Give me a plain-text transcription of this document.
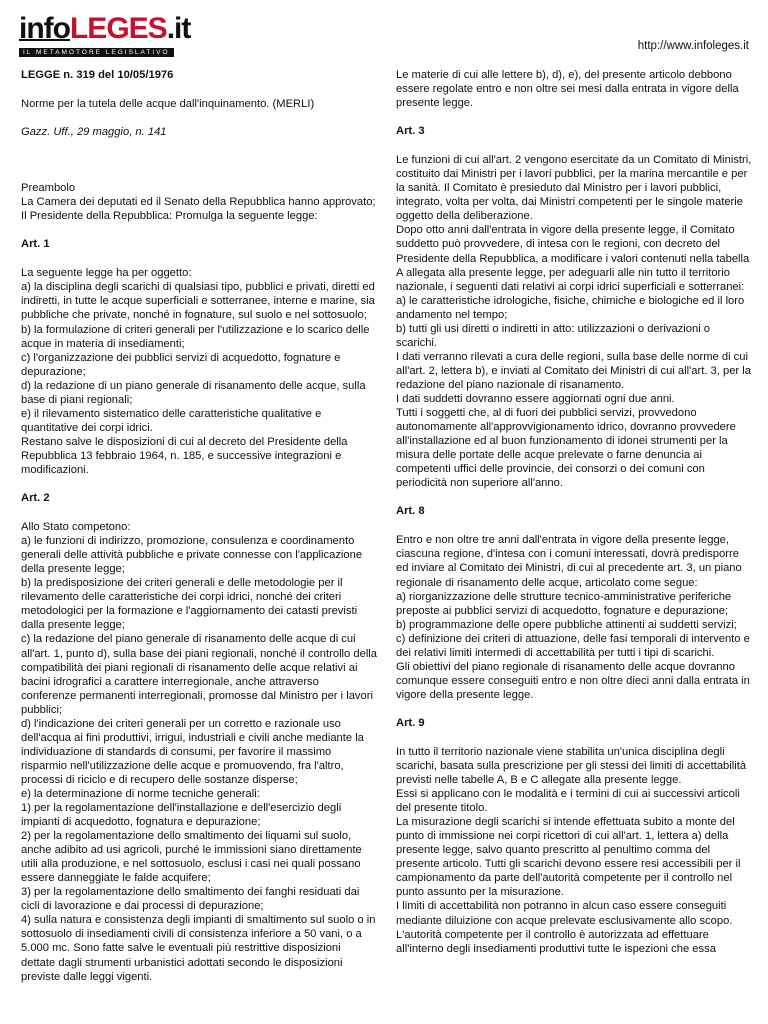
infoLEGES.it
IL METAMOTORE LEGISLATIVO
http://www.infoleges.it
LEGGE n. 319 del 10/05/1976
Norme per la tutela delle acque dall'inquinamento. (MERLI)
Gazz. Uff., 29 maggio, n. 141
Preambolo
La Camera dei deputati ed il Senato della Repubblica hanno approvato; Il Presidente della Repubblica: Promulga la seguente legge:
Art. 1
La seguente legge ha per oggetto:
a) la disciplina degli scarichi di qualsiasi tipo, pubblici e privati, diretti ed indiretti, in tutte le acque superficiali e sotterranee, interne e marine, sia pubbliche che private, nonché in fognature, sul suolo e nel sottosuolo;
b) la formulazione di criteri generali per l'utilizzazione e lo scarico delle acque in materia di insediamenti;
c) l'organizzazione dei pubblici servizi di acquedotto, fognature e depurazione;
d) la redazione di un piano generale di risanamento delle acque, sulla base di piani regionali;
e) il rilevamento sistematico delle caratteristiche qualitative e quantitative dei corpi idrici.
Restano salve le disposizioni di cui al decreto del Presidente della Repubblica 13 febbraio 1964, n. 185, e successive integrazioni e modificazioni.
Art. 2
Allo Stato competono:
a) le funzioni di indirizzo, promozione, consulenza e coordinamento generali delle attività pubbliche e private connesse con l'applicazione della presente legge;
b) la predisposizione dei criteri generali e delle metodologie per il rilevamento delle caratteristiche dei corpi idrici, nonché dei criteri metodologici per la formazione e l'aggiornamento dei catasti previsti dalla presente legge;
c) la redazione del piano generale di risanamento delle acque di cui all'art. 1, punto d), sulla base dei piani regionali, nonché il controllo della compatibilità dei piani regionali di risanamento delle acque relativi ai bacini idrografici a carattere interregionale, anche attraverso conferenze permanenti interregionali, promosse dal Ministro per i lavori pubblici;
d) l'indicazione dei criteri generali per un corretto e razionale uso dell'acqua ai fini produttivi, irrigui, industriali e civili anche mediante la individuazione di standards di consumi, per favorire il massimo risparmio nell'utilizzazione delle acque e promuovendo, fra l'altro, processi di riciclo e di recupero delle sostanze disperse;
e) la determinazione di norme tecniche generali:
1) per la regolamentazione dell'installazione e dell'esercizio degli impianti di acquedotto, fognatura e depurazione;
2) per la regolamentazione dello smaltimento dei liquami sul suolo, anche adibito ad usi agricoli, purché le immissioni siano direttamente utili alla produzione, e nel sottosuolo, esclusi i casi nei quali possano essere danneggiate le falde acquifere;
3) per la regolamentazione dello smaltimento dei fanghi residuati dai cicli di lavorazione e dai processi di depurazione;
4) sulla natura e consistenza degli impianti di smaltimento sul suolo o in sottosuolo di insediamenti civili di consistenza inferiore a 50 vani, o a 5.000 mc. Sono fatte salve le eventuali più restrittive disposizioni dettate dagli strumenti urbanistici adottati secondo le disposizioni previste dalle leggi vigenti.
Le materie di cui alle lettere b), d), e), del presente articolo debbono essere regolate entro e non oltre sei mesi dalla entrata in vigore della presente legge.
Art. 3
Le funzioni di cui all'art. 2 vengono esercitate da un Comitato di Ministri, costituito dai Ministri per i lavori pubblici, per la marina mercantile e per la sanità. Il Comitato è presieduto dal Ministro per i lavori pubblici, integrato, volta per volta, dai Ministri competenti per le singole materie oggetto della deliberazione.
Dopo otto anni dall'entrata in vigore della presente legge, il Comitato suddetto può provvedere, di intesa con le regioni, con decreto del Presidente della Repubblica, a modificare i valori contenuti nella tabella A allegata alla presente legge, per adeguarli alle nin tutto il territorio nazionale, i seguenti dati relativi ai corpi idrici superficiali e sotterranei:
a) le caratteristiche idrologiche, fisiche, chimiche e biologiche ed il loro andamento nel tempo;
b) tutti gli usi diretti o indiretti in atto: utilizzazioni o derivazioni o scarichi.
I dati verranno rilevati a cura delle regioni, sulla base delle norme di cui all'art. 2, lettera b), e inviati al Comitato dei Ministri di cui all'art. 3, per la redazione del piano nazionale di risanamento.
I dati suddetti dovranno essere aggiornati ogni due anni.
Tutti i soggetti che, al di fuori dei pubblici servizi, provvedono autonomamente all'approvvigionamento idrico, dovranno provvedere all'installazione ed al buon funzionamento di idonei strumenti per la misura delle portate delle acque prelevate o farne denuncia ai competenti uffici delle provincie, dei consorzi o dei comuni con periodicità non superiore all'anno.
Art. 8
Entro e non oltre tre anni dall'entrata in vigore della presente legge, ciascuna regione, d'intesa con i comuni interessati, dovrà predisporre ed inviare al Comitato dei Ministri, di cui al precedente art. 3, un piano regionale di risanamento delle acque, articolato come segue:
a) riorganizzazione delle strutture tecnico-amministrative periferiche preposte ai pubblici servizi di acquedotto, fognature e depurazione;
b) programmazione delle opere pubbliche attinenti ai suddetti servizi;
c) definizione dei criteri di attuazione, delle fasi temporali di intervento e dei relativi limiti intermedi di accettabilità per tutti i tipi di scarichi.
Gli obiettivi del piano regionale di risanamento delle acque dovranno comunque essere conseguiti entro e non oltre dieci anni dalla entrata in vigore della presente legge.
Art. 9
In tutto il territorio nazionale viene stabilita un'unica disciplina degli scarichi, basata sulla prescrizione per gli stessi dei limiti di accettabilità previsti nelle tabelle A, B e C allegate alla presente legge.
Essi si applicano con le modalità e i termini di cui ai successivi articoli del presente titolo.
La misurazione degli scarichi si intende effettuata subito a monte del punto di immissione nei corpi ricettori di cui all'art. 1, lettera a) della presente legge, salvo quanto prescritto al penultimo comma del presente articolo. Tutti gli scarichi devono essere resi accessibili per il campionamento da parte dell'autorità competente per il controllo nel punto assunto per la misurazione.
I limiti di accettabilità non potranno in alcun caso essere conseguiti mediante diluizione con acque prelevate esclusivamente allo scopo.
L'autorità competente per il controllo è autorizzata ad effettuare all'interno degli insediamenti produttivi tutte le ispezioni che essa
